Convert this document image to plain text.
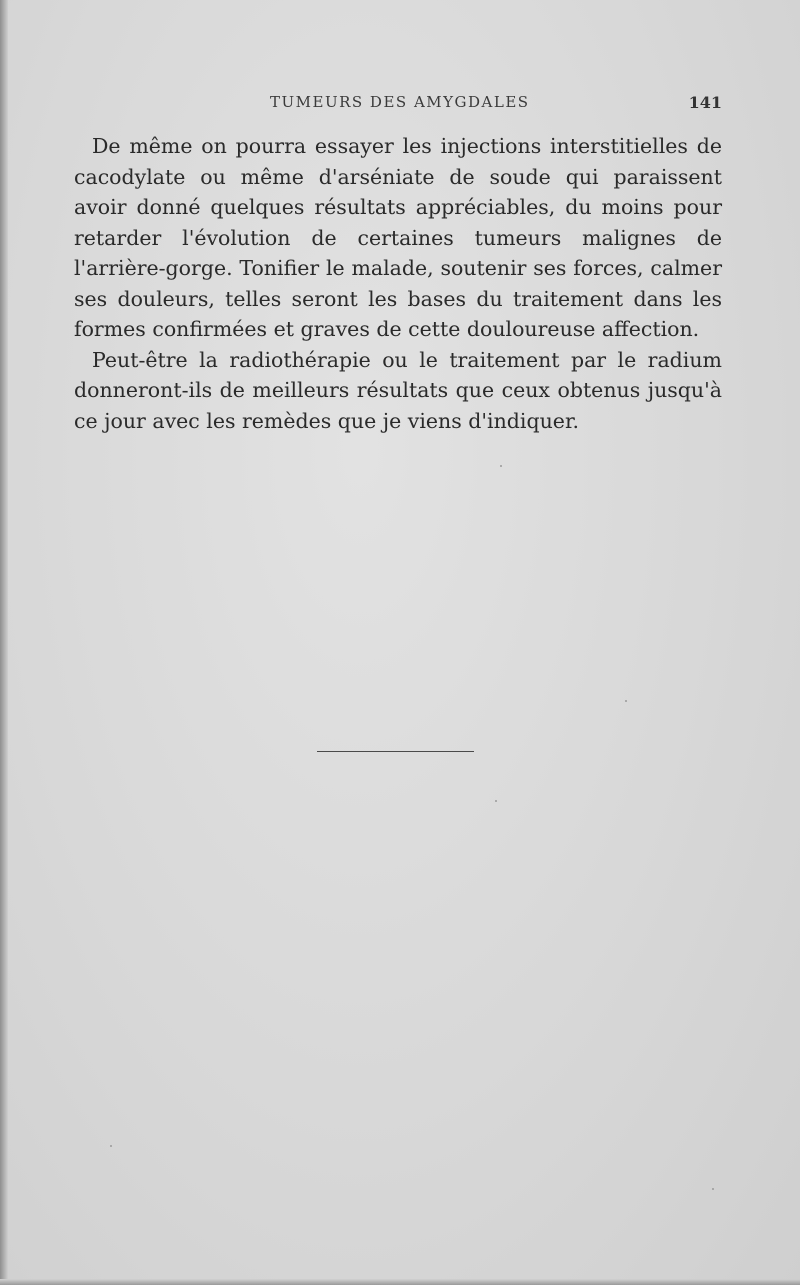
TUMEURS DES AMYGDALES	141

De même on pourra essayer les injections interstitielles de cacodylate ou même d'arséniate de soude qui paraissent avoir donné quelques résultats appréciables, du moins pour retarder l'évolution de certaines tumeurs malignes de l'arrière-gorge. Tonifier le malade, soutenir ses forces, calmer ses douleurs, telles seront les bases du traitement dans les formes confirmées et graves de cette douloureuse affection.

Peut-être la radiothérapie ou le traitement par le radium donneront-ils de meilleurs résultats que ceux obtenus jusqu'à ce jour avec les remèdes que je viens d'indiquer.
